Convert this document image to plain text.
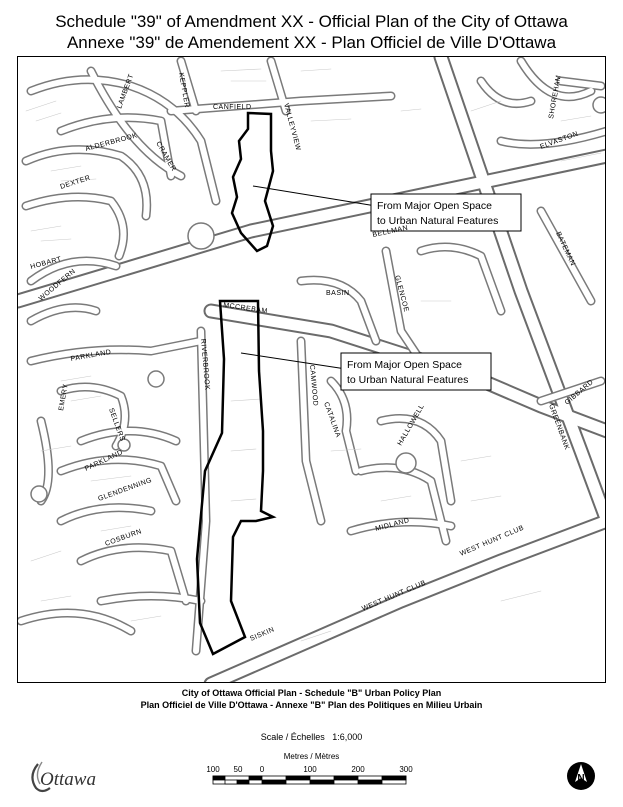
Schedule "39" of Amendment XX - Official Plan of the City of Ottawa
Annexe "39" de Amendement XX - Plan Officiel de Ville D'Ottawa
From Major Open Space
to Urban Natural Features
From Major Open Space
to Urban Natural Features
KEPPLER
LAMBERT	CANFIELD	VALLEYVIEW
ALDERBROOK CRAMER
DEXTER
SHOREHAM
ELVASTON
BELLMAN	BATEMAN
HOBART
WOODFERN	BASIN	GLENCOE
MCCREBAM
PARKLAND	RIVERBROOK	CAMWOOD
CATALINA
EMERY
SELLERS
PARKLAND
GREENBANK
GIBBARD
HALLOWELL
GLENDENNING
MIDLAND
COSBURN	WEST HUNT CLUB
WEST HUNT CLUB
SISKIN
City of Ottawa Official Plan - Schedule "B" Urban Policy Plan
Plan Officiel de Ville D'Ottawa - Annexe "B" Plan des Politiques en Milieu Urbain
Scale / Échelles 1:6,000
Metres / Mètres
100 50 0	100	200	300
Ottawa	N
